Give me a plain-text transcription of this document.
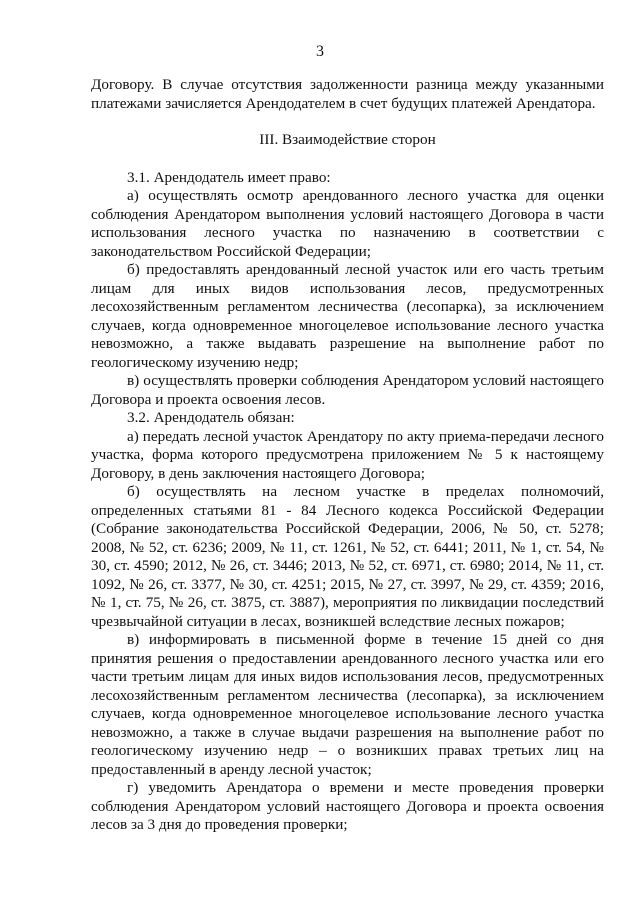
3

Договору. В случае отсутствия задолженности разница между указанными платежами зачисляется Арендодателем в счет будущих платежей Арендатора.

III. Взаимодействие сторон

3.1. Арендодатель имеет право:

а) осуществлять осмотр арендованного лесного участка для оценки соблюдения Арендатором выполнения условий настоящего Договора в части использования лесного участка по назначению в соответствии с законодательством Российской Федерации;

б) предоставлять арендованный лесной участок или его часть третьим лицам для иных видов использования лесов, предусмотренных лесохозяйственным регламентом лесничества (лесопарка), за исключением случаев, когда одновременное многоцелевое использование лесного участка невозможно, а также выдавать разрешение на выполнение работ по геологическому изучению недр;

в) осуществлять проверки соблюдения Арендатором условий настоящего Договора и проекта освоения лесов.

3.2. Арендодатель обязан:

а) передать лесной участок Арендатору по акту приема-передачи лесного участка, форма которого предусмотрена приложением № 5 к настоящему Договору, в день заключения настоящего Договора;

б) осуществлять на лесном участке в пределах полномочий, определенных статьями 81 - 84 Лесного кодекса Российской Федерации (Собрание законодательства Российской Федерации, 2006, № 50, ст. 5278; 2008, № 52, ст. 6236; 2009, № 11, ст. 1261, № 52, ст. 6441; 2011, № 1, ст. 54, № 30, ст. 4590; 2012, № 26, ст. 3446; 2013, № 52, ст. 6971, ст. 6980; 2014, № 11, ст. 1092, № 26, ст. 3377, № 30, ст. 4251; 2015, № 27, ст. 3997, № 29, ст. 4359; 2016, № 1, ст. 75, № 26, ст. 3875, ст. 3887), мероприятия по ликвидации последствий чрезвычайной ситуации в лесах, возникшей вследствие лесных пожаров;

в) информировать в письменной форме в течение 15 дней со дня принятия решения о предоставлении арендованного лесного участка или его части третьим лицам для иных видов использования лесов, предусмотренных лесохозяйственным регламентом лесничества (лесопарка), за исключением случаев, когда одновременное многоцелевое использование лесного участка невозможно, а также в случае выдачи разрешения на выполнение работ по геологическому изучению недр – о возникших правах третьих лиц на предоставленный в аренду лесной участок;

г) уведомить Арендатора о времени и месте проведения проверки соблюдения Арендатором условий настоящего Договора и проекта освоения лесов за 3 дня до проведения проверки;
